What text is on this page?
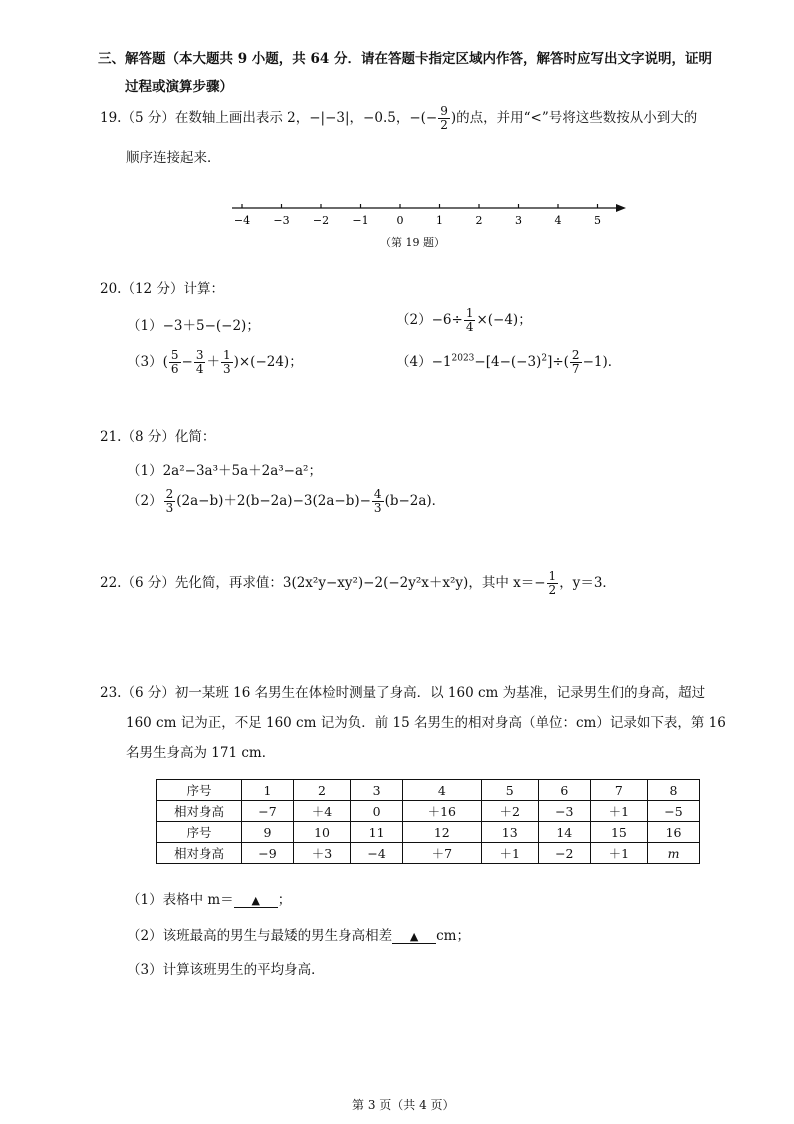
三、解答题（本大题共 9 小题，共 64 分．请在答题卡指定区域内作答，解答时应写出文字说明，证明
过程或演算步骤）
19.（5 分）在数轴上画出表示 2，−|−3|，−0.5，−(− $\frac{9}{2}$ )的点，并用“<”号将这些数按从小到大的
顺序连接起来．
−4 −3 −2 −1	0	1	2	3	4	5
（第 19 题）
20.（12 分）计算：
（1）−3＋5−(−2)；	$(2)-6\div \frac{1}{4} \times(-4)$；
$(3)( \frac{5}{6} - \frac{3}{4} + \frac{1}{3} )\times(-24)$；	$(4)-1^{2023}-[4-(-3)^2]\div( \frac{2}{7} -1)$．
21.（8 分）化简：
（1）2a²−3a³＋5a＋2a³−a²；
$(2) \frac{2}{3} (2a-b)+2(b-2a)-3(2a-b)- \frac{4}{3} (b-2a)$．
22.（6 分）先化简，再求值：3(2x²y−xy²)−2(−2y²x＋x²y)，其中 $x=- \frac{1}{2}$ ，y＝3．
23.（6 分）初一某班 16 名男生在体检时测量了身高．以 160 cm 为基准，记录男生们的身高，超过
160 cm 记为正，不足 160 cm 记为负．前 15 名男生的相对身高（单位：cm）记录如下表，第 16
名男生身高为 171 cm．
序号	1	2	3	4	5	6	7	8
相对身高	−7	＋4	0	＋16	＋2	−3	＋1	−5
序号	9	10	11	12	13	14	15	16
相对身高	−9	＋3	−4	＋7	＋1	−2	＋1	m
（1）表格中 m＝ ▲ ；
（2）该班最高的男生与最矮的男生身高相差 ▲ cm；
（3）计算该班男生的平均身高．
第 3 页（共 4 页）
